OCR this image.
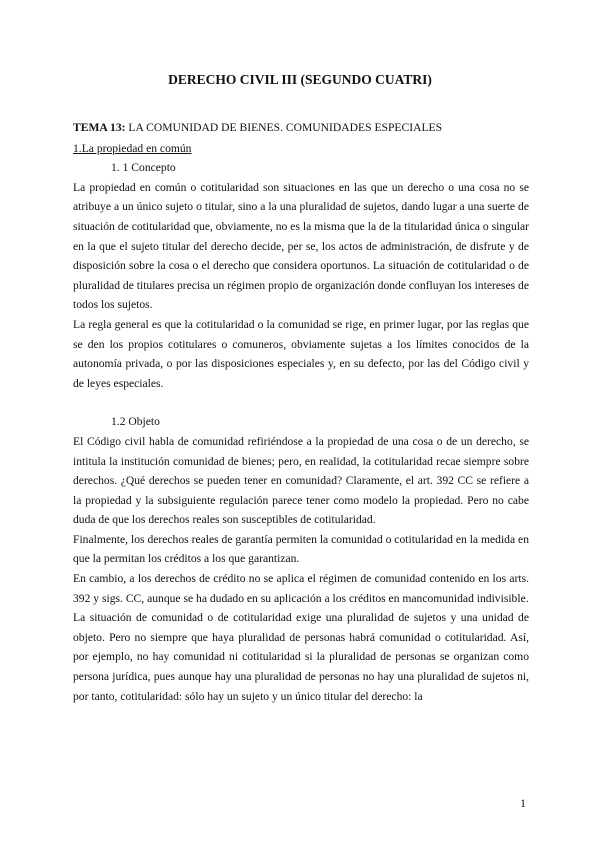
DERECHO CIVIL III (SEGUNDO CUATRI)

TEMA 13: LA COMUNIDAD DE BIENES. COMUNIDADES ESPECIALES

1.La propiedad en común

1. 1 Concepto

La propiedad en común o cotitularidad son situaciones en las que un derecho o una cosa no se atribuye a un único sujeto o titular, sino a la una pluralidad de sujetos, dando lugar a una suerte de situación de cotitularidad que, obviamente, no es la misma que la de la titularidad única o singular en la que el sujeto titular del derecho decide, per se, los actos de administración, de disfrute y de disposición sobre la cosa o el derecho que considera oportunos. La situación de cotitularidad o de pluralidad de titulares precisa un régimen propio de organización donde confluyan los intereses de todos los sujetos.

La regla general es que la cotitularidad o la comunidad se rige, en primer lugar, por las reglas que se den los propios cotitulares o comuneros, obviamente sujetas a los límites conocidos de la autonomía privada, o por las disposiciones especiales y, en su defecto, por las del Código civil y de leyes especiales.

1.2 Objeto

El Código civil habla de comunidad refiriéndose a la propiedad de una cosa o de un derecho, se intitula la institución comunidad de bienes; pero, en realidad, la cotitularidad recae siempre sobre derechos. ¿Qué derechos se pueden tener en comunidad? Claramente, el art. 392 CC se refiere a la propiedad y la subsiguiente regulación parece tener como modelo la propiedad. Pero no cabe duda de que los derechos reales son susceptibles de cotitularidad.

Finalmente, los derechos reales de garantía permiten la comunidad o cotitularidad en la medida en que la permitan los créditos a los que garantizan.

En cambio, a los derechos de crédito no se aplica el régimen de comunidad contenido en los arts. 392 y sigs. CC, aunque se ha dudado en su aplicación a los créditos en mancomunidad indivisible.

La situación de comunidad o de cotitularidad exige una pluralidad de sujetos y una unidad de objeto. Pero no siempre que haya pluralidad de personas habrá comunidad o cotitularidad. Así, por ejemplo, no hay comunidad ni cotitularidad si la pluralidad de personas se organizan como persona jurídica, pues aunque hay una pluralidad de personas no hay una pluralidad de sujetos ni, por tanto, cotitularidad: sólo hay un sujeto y un único titular del derecho: la

1
